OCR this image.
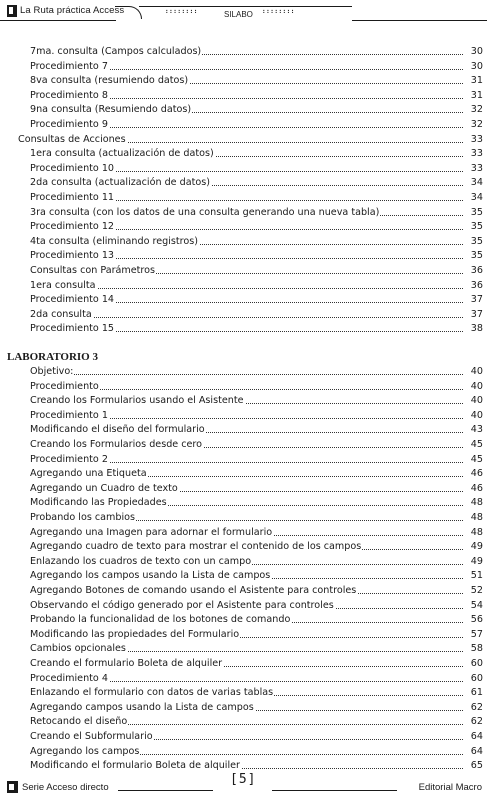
La Ruta práctica Access	::::::::	SILABO ::::::::
7ma. consulta (Campos calculados)	30
Procedimiento 7	30
8va consulta (resumiendo datos)	31
Procedimiento 8	31
9na consulta (Resumiendo datos)	32
Procedimiento 9	32
Consultas de Acciones	33
1era consulta (actualización de datos)	33
Procedimiento 10	33
2da consulta (actualización de datos)	34
Procedimiento 11	34
3ra consulta (con los datos de una consulta generando una nueva tabla)	35
Procedimiento 12	35
4ta consulta (eliminando registros)	35
Procedimiento 13	35
Consultas con Parámetros	36
1era consulta	36
Procedimiento 14	37
2da consulta	37
Procedimiento 15	38
LABORATORIO 3
Objetivo:	40
Procedimiento	40
Creando los Formularios usando el Asistente	40
Procedimiento 1	40
Modificando el diseño del formulario	43
Creando los Formularios desde cero	45
Procedimiento 2	45
Agregando una Etiqueta	46
Agregando un Cuadro de texto	46
Modificando las Propiedades	48
Probando los cambios	48
Agregando una Imagen para adornar el formulario	48
Agregando cuadro de texto para mostrar el contenido de los campos	49
Enlazando los cuadros de texto con un campo	49
Agregando los campos usando la Lista de campos	51
Agregando Botones de comando usando el Asistente para controles	52
Observando el código generado por el Asistente para controles	54
Probando la funcionalidad de los botones de comando	56
Modificando las propiedades del Formulario	57
Cambios opcionales	58
Creando el formulario Boleta de alquiler	60
Procedimiento 4	60
Enlazando el formulario con datos de varias tablas	61
Agregando campos usando la Lista de campos	62
Retocando el diseño	62
Creando el Subformulario	64
Agregando los campos	64
Modificando el formulario Boleta de alquiler	65
Serie Acceso directo
[5]
Editorial Macro
